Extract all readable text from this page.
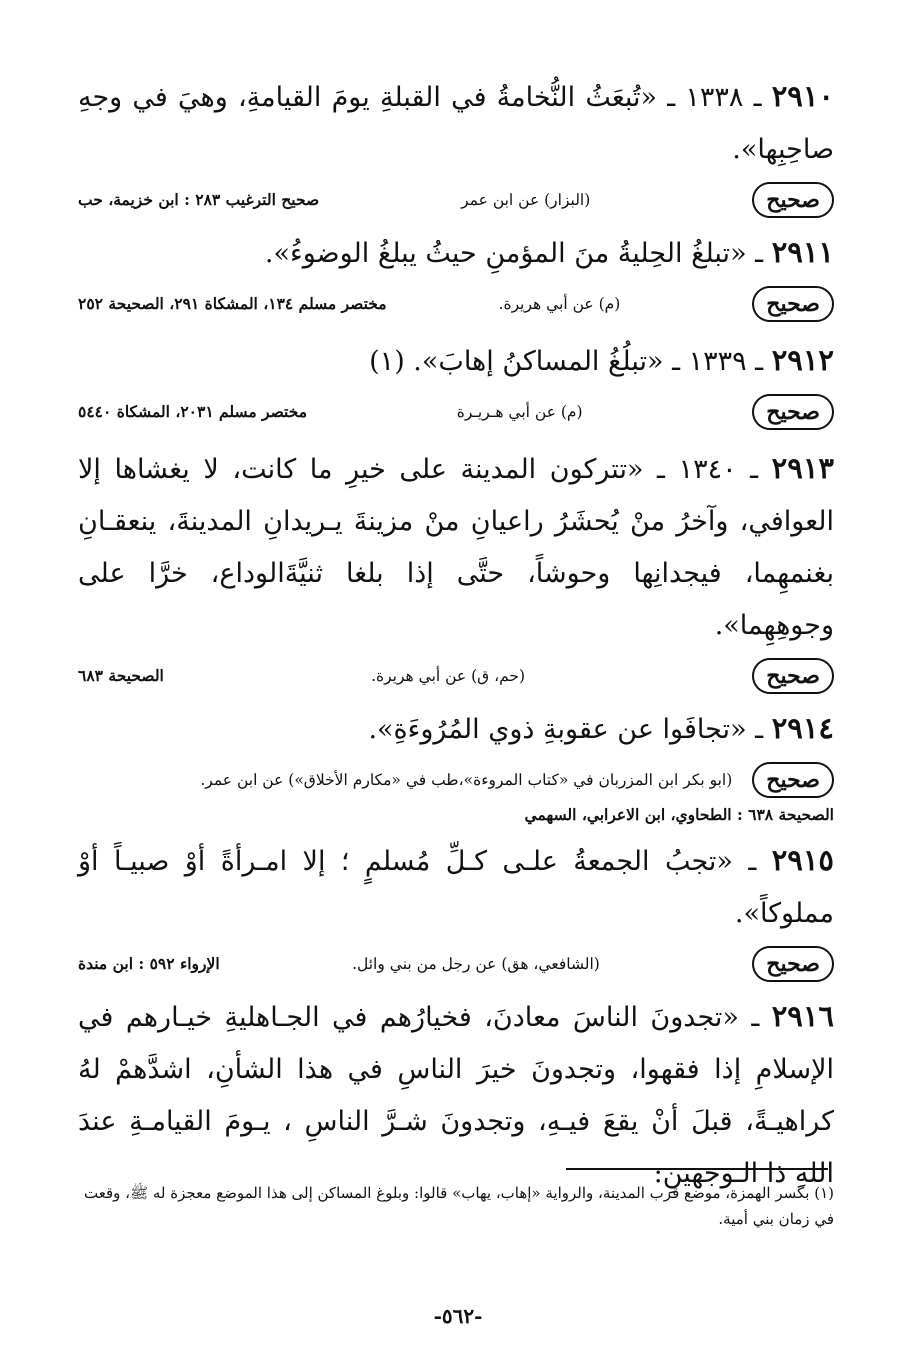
٢٩١٠ ـ ١٣٣٨ ـ «تُبعَثُ النُّخامةُ في القبلةِ يومَ القيامةِ، وهيَ في وجهِ صاحِبِها».

صحيح
(البزار) عن ابن عمر
صحيح الترغيب ٢٨٣ : ابن خزيمة، حب

٢٩١١ ـ «تبلغُ الحِليةُ منَ المؤمنِ حيثُ يبلغُ الوضوءُ».

صحيح
(م) عن أبي هريرة.
مختصر مسلم ١٣٤، المشكاة ٢٩١، الصحيحة ٢٥٢

٢٩١٢ ـ ١٣٣٩ ـ «تبلُغُ المساكنُ إهابَ». (١)

صحيح
(م) عن أبي هـريـرة
مختصر مسلم ٢٠٣١، المشكاة ٥٤٤٠

٢٩١٣ ـ ١٣٤٠ ـ «تتركون المدينة على خيرِ ما كانت، لا يغشاها إلا العوافي، وآخرُ منْ يُحشَرُ راعيانِ منْ مزينةَ يـريدانِ المدينةَ، ينعقـانِ بغنمهِما، فيجدانِها وحوشاً، حتَّى إذا بلغا ثنيَّةَالوداع، خرَّا على وجوهِهِما».

صحيح
(حم، ق) عن أبي هريرة.
الصحيحة ٦٨٣

٢٩١٤ ـ «تجافَوا عن عقوبةِ ذوي المُرُوءَةِ».

صحيح
(ابو بكر ابن المزربان في «كتاب المروءة»،طب في «مكارم الأخلاق») عن ابن عمر.
الصحيحة ٦٣٨ : الطحاوي، ابن الاعرابي، السهمي

٢٩١٥ ـ «تجبُ الجمعةُ علـى كـلِّ مُسلمٍ ؛ إلا امـرأةً أوْ صبيـاً أوْ مملوكاً».

صحيح
(الشافعي، هق) عن رجل من بني وائل.
الإرواء ٥٩٢ : ابن مندة

٢٩١٦ ـ «تجدونَ الناسَ معادنَ، فخيارُهم في الجـاهليةِ خيـارهم في الإسلامِ إذا فقهوا، وتجدونَ خيرَ الناسِ في هذا الشأنِ، اشدَّهمْ لهُ كراهيـةً، قبلَ أنْ يقعَ فيـهِ، وتجدونَ شـرَّ الناسِ ، يـومَ القيامـةِ عندَ اللهِ ذا الـوجهينِ:

(١) بكسر الهمزة، موضع قرب المدينة، والرواية «إهاب، يهاب» قالوا: وبلوغ المساكن إلى هذا الموضع معجزة له ﷺ، وقعت في زمان بني أمية.
-٥٦٢-
